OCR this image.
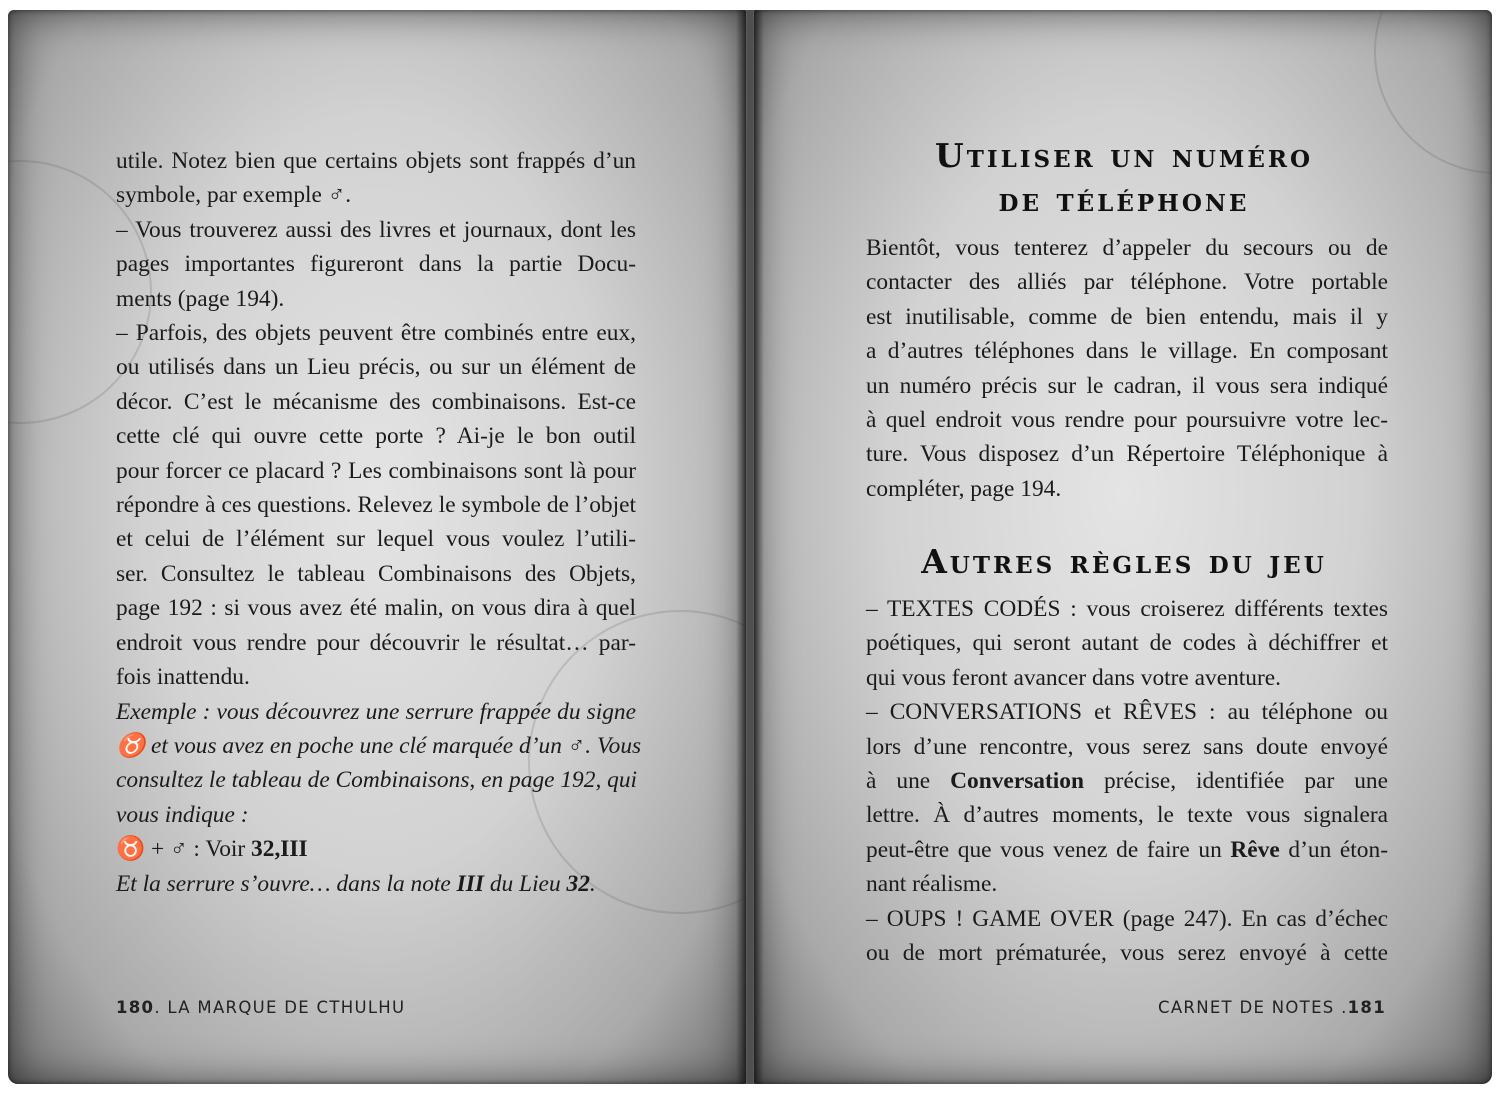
utile. Notez bien que certains objets sont frappés d’un
symbole, par exemple ♂.
– Vous trouverez aussi des livres et journaux, dont les
pages importantes figureront dans la partie Docu-
ments (page 194).
– Parfois, des objets peuvent être combinés entre eux,
ou utilisés dans un Lieu précis, ou sur un élément de
décor. C’est le mécanisme des combinaisons. Est-ce
cette clé qui ouvre cette porte ? Ai-je le bon outil
pour forcer ce placard ? Les combinaisons sont là pour
répondre à ces questions. Relevez le symbole de l’objet
et celui de l’élément sur lequel vous voulez l’utili-
ser. Consultez le tableau Combinaisons des Objets,
page 192 : si vous avez été malin, on vous dira à quel
endroit vous rendre pour découvrir le résultat… par-
fois inattendu.
Exemple : vous découvrez une serrure frappée du signe
♉ et vous avez en poche une clé marquée d’un ♂. Vous
consultez le tableau de Combinaisons, en page 192, qui
vous indique :
♉ + ♂ : Voir 32,III
Et la serrure s’ouvre… dans la note III du Lieu 32.
180. LA MARQUE DE CTHULHU
Utiliser un numéro
de téléphone
Bientôt, vous tenterez d’appeler du secours ou de
contacter des alliés par téléphone. Votre portable
est inutilisable, comme de bien entendu, mais il y
a d’autres téléphones dans le village. En composant
un numéro précis sur le cadran, il vous sera indiqué
à quel endroit vous rendre pour poursuivre votre lec-
ture. Vous disposez d’un Répertoire Téléphonique à
compléter, page 194.
Autres règles du jeu
– TEXTES CODÉS : vous croiserez différents textes
poétiques, qui seront autant de codes à déchiffrer et
qui vous feront avancer dans votre aventure.
– CONVERSATIONS et RÊVES : au téléphone ou
lors d’une rencontre, vous serez sans doute envoyé
à une Conversation précise, identifiée par une
lettre. À d’autres moments, le texte vous signalera
peut-être que vous venez de faire un Rêve d’un éton-
nant réalisme.
– OUPS ! GAME OVER (page 247). En cas d’échec
ou de mort prématurée, vous serez envoyé à cette
CARNET DE NOTES .181
